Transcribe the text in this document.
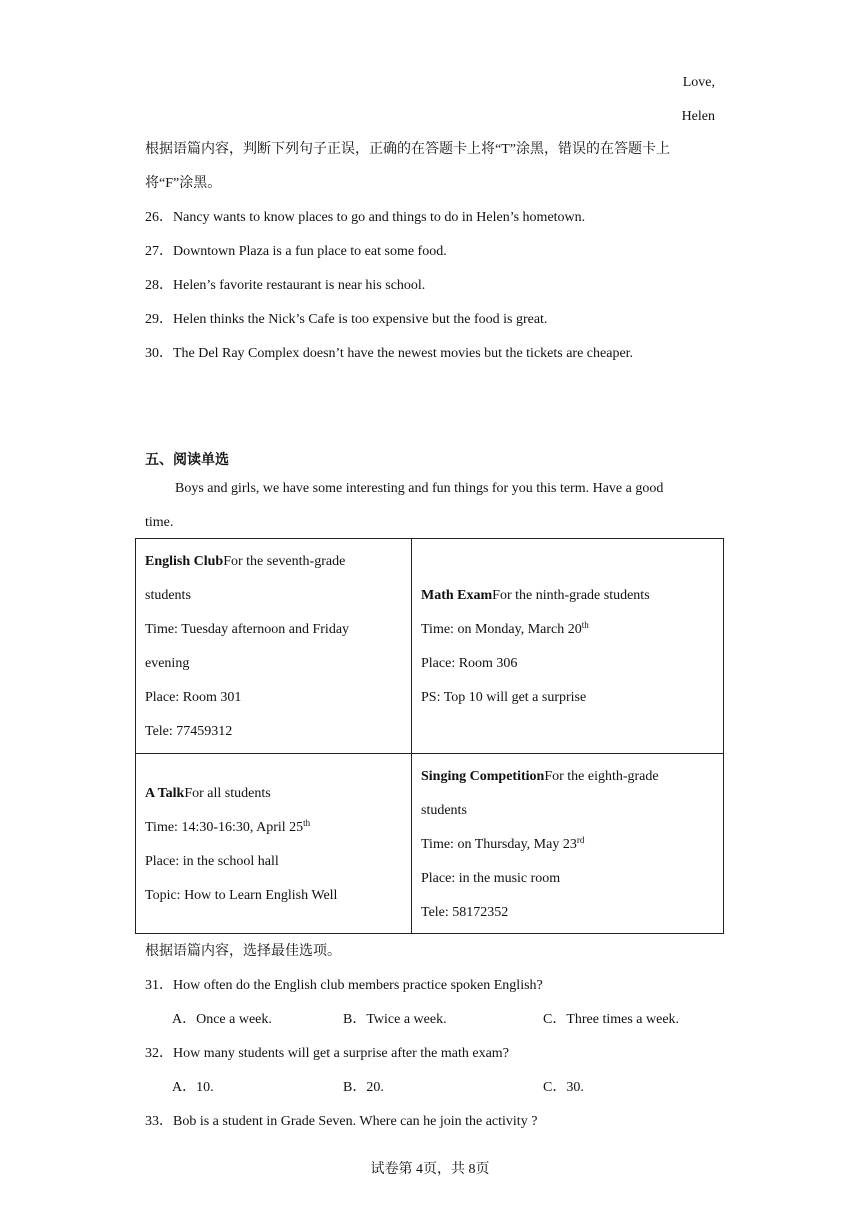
Love,
Helen
根据语篇内容，判断下列句子正误，正确的在答题卡上将“T”涂黑，错误的在答题卡上
将“F”涂黑。
26．Nancy wants to know places to go and things to do in Helen’s hometown.
27．Downtown Plaza is a fun place to eat some food.
28．Helen’s favorite restaurant is near his school.
29．Helen thinks the Nick’s Cafe is too expensive but the food is great.
30．The Del Ray Complex doesn’t have the newest movies but the tickets are cheaper.
五、阅读单选
Boys and girls, we have some interesting and fun things for you this term. Have a good
time.
English ClubFor the seventh-grade
students
Time: Tuesday afternoon and Friday
evening
Place: Room 301
Tele: 77459312
Math ExamFor the ninth-grade students
Time: on Monday, March 20th
Place: Room 306
PS: Top 10 will get a surprise
A TalkFor all students
Time: 14:30-16:30, April 25th
Place: in the school hall
Topic: How to Learn English Well
Singing CompetitionFor the eighth-grade
students
Time: on Thursday, May 23rd
Place: in the music room
Tele: 58172352
根据语篇内容，选择最佳选项。
31．How often do the English club members practice spoken English?
A．Once a week.	B．Twice a week.	C．Three times a week.
32．How many students will get a surprise after the math exam?
A．10.	B．20.	C．30.
33．Bob is a student in Grade Seven. Where can he join the activity ?
试卷第 4页，共 8页
